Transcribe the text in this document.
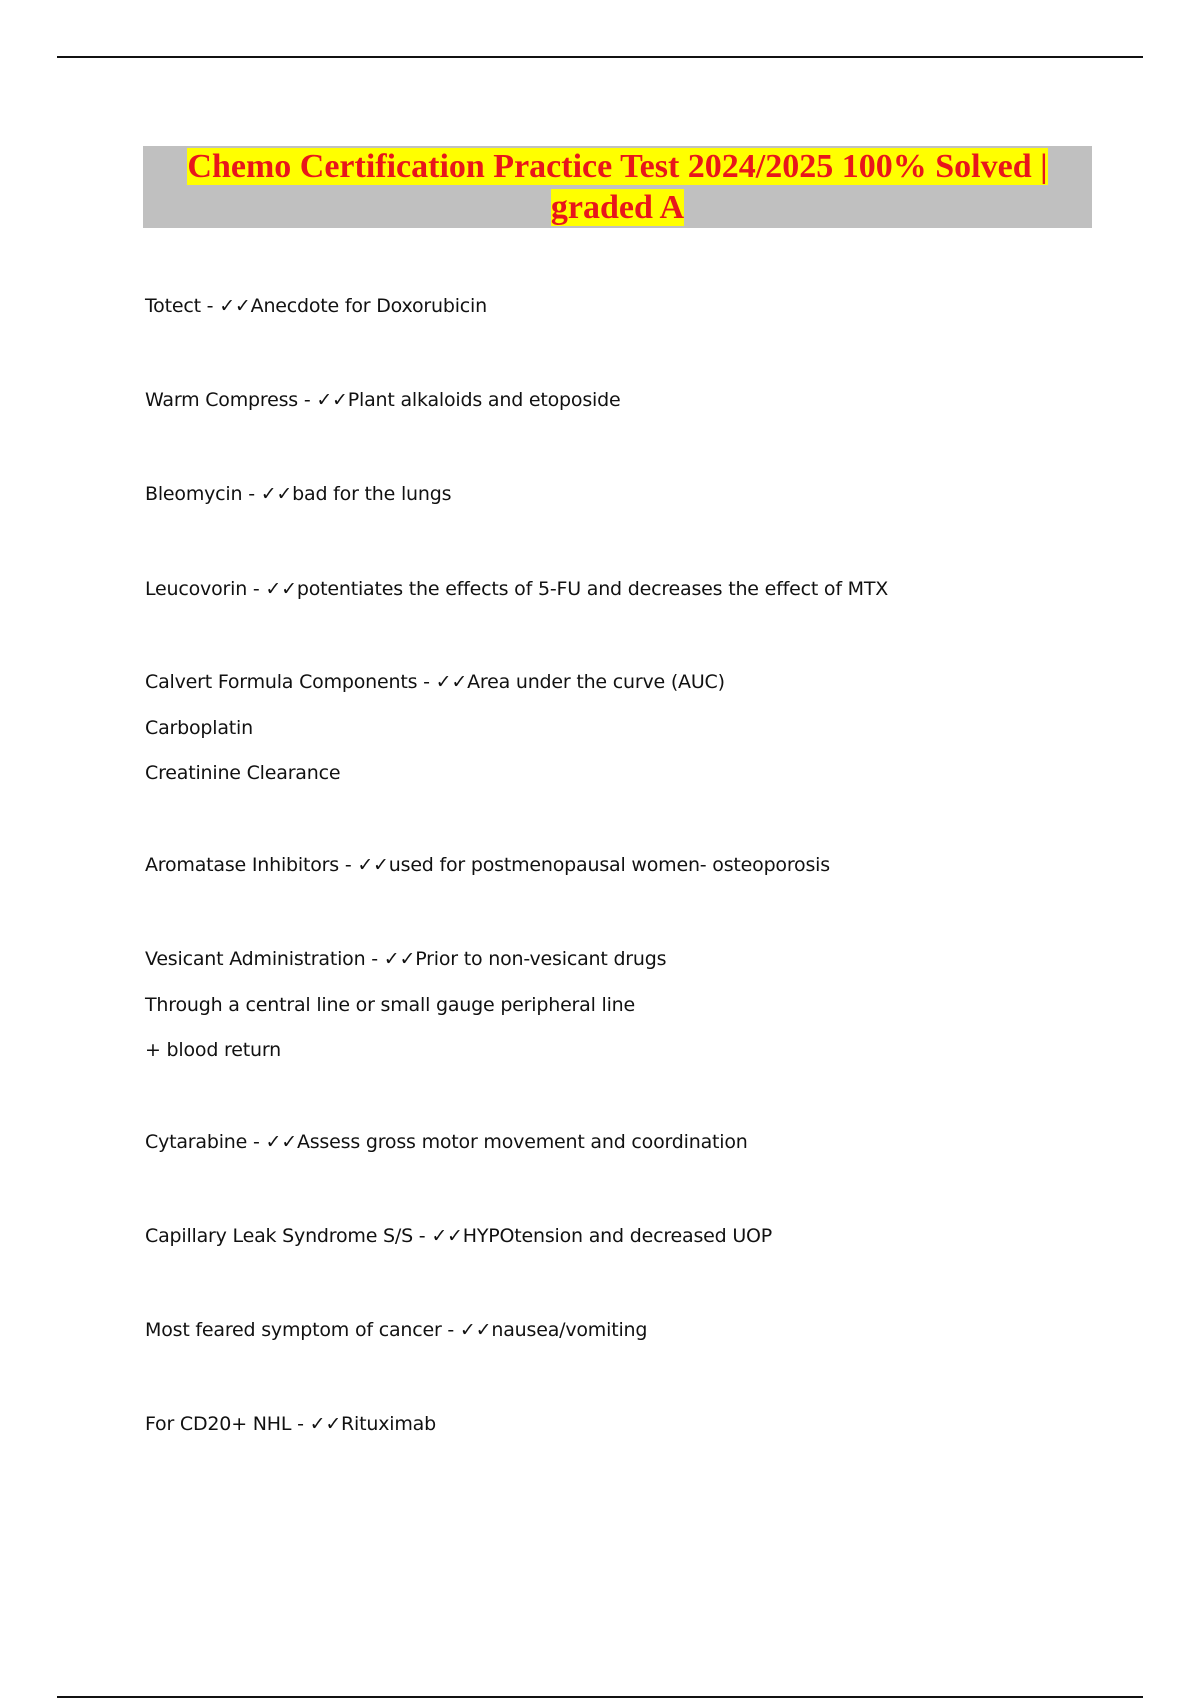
Chemo Certification Practice Test 2024/2025 100% Solved |
graded A
Totect - ✓✓Anecdote for Doxorubicin
Warm Compress - ✓✓Plant alkaloids and etoposide
Bleomycin - ✓✓bad for the lungs
Leucovorin - ✓✓potentiates the effects of 5-FU and decreases the effect of MTX
Calvert Formula Components - ✓✓Area under the curve (AUC)
Carboplatin
Creatinine Clearance
Aromatase Inhibitors - ✓✓used for postmenopausal women- osteoporosis
Vesicant Administration - ✓✓Prior to non-vesicant drugs
Through a central line or small gauge peripheral line
+ blood return
Cytarabine - ✓✓Assess gross motor movement and coordination
Capillary Leak Syndrome S/S - ✓✓HYPOtension and decreased UOP
Most feared symptom of cancer - ✓✓nausea/vomiting
For CD20+ NHL - ✓✓Rituximab
